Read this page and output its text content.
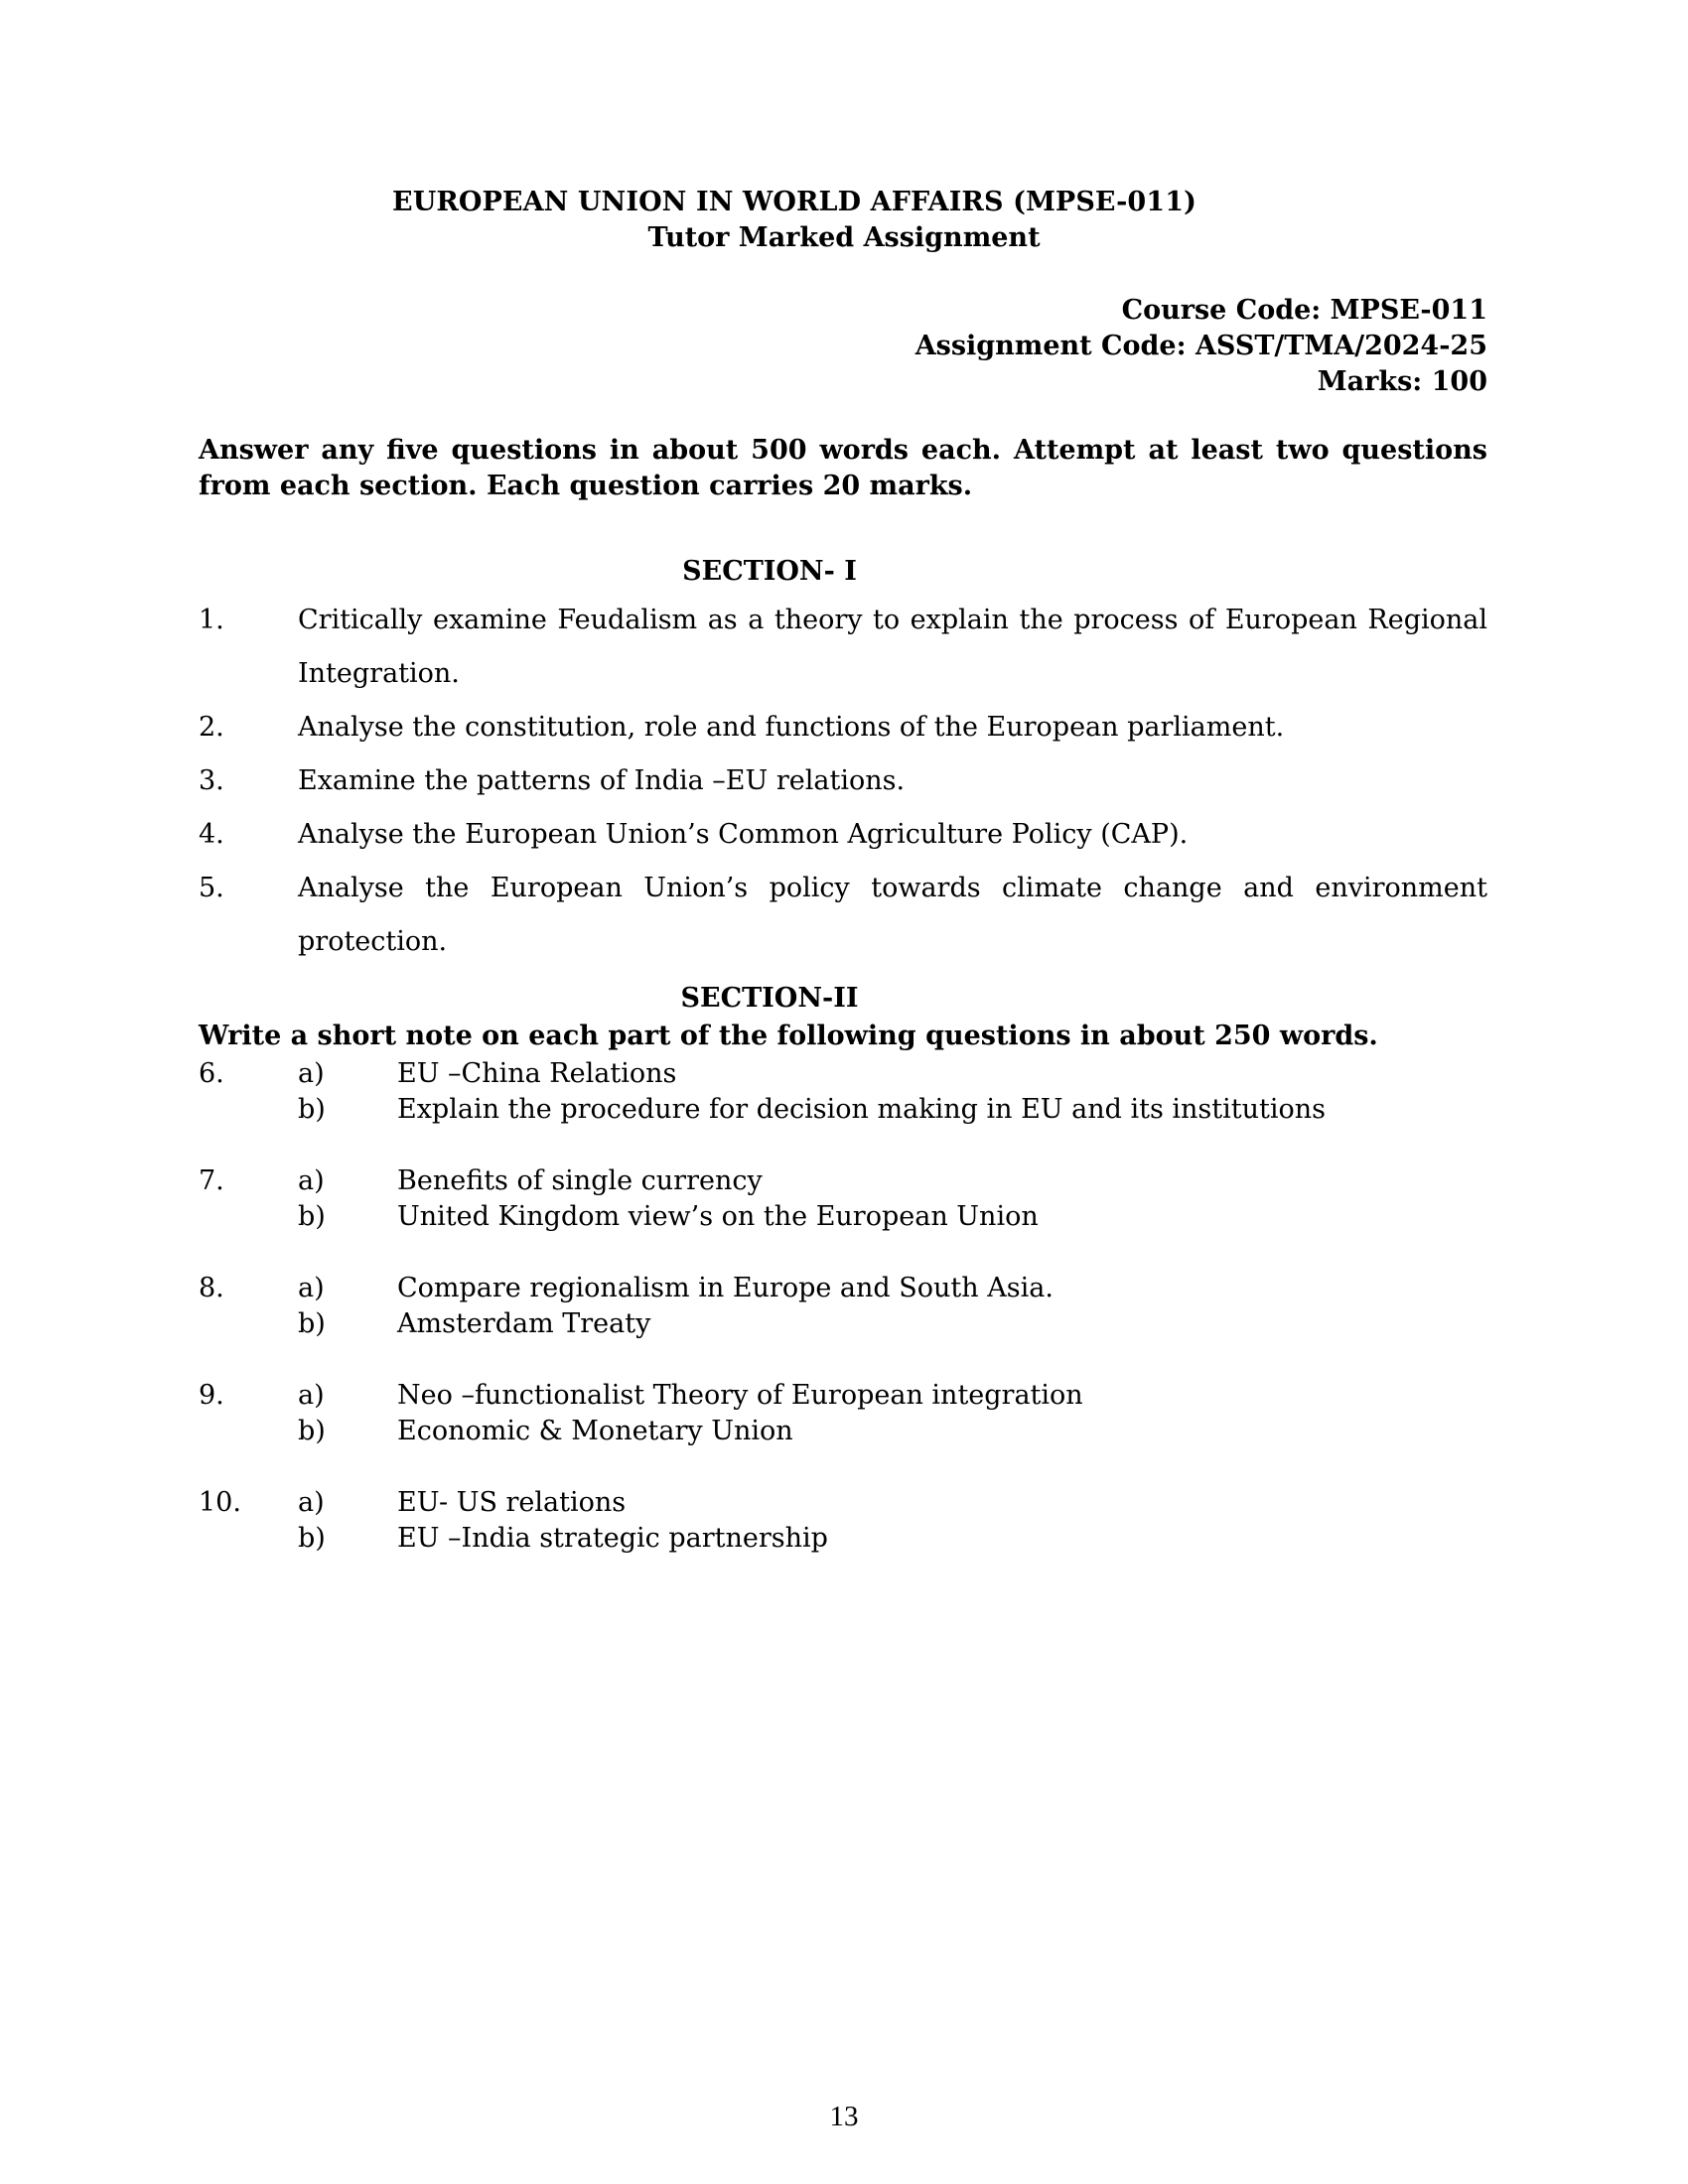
EUROPEAN UNION IN WORLD AFFAIRS (MPSE-011)
Tutor Marked Assignment
Course Code: MPSE-011
Assignment Code: ASST/TMA/2024-25
Marks: 100
Answer any five questions in about 500 words each. Attempt at least two questions from each section. Each question carries 20 marks.
SECTION- I
1.	Critically examine Feudalism as a theory to explain the process of European Regional Integration.
2.	Analyse the constitution, role and functions of the European parliament.
3.	Examine the patterns of India –EU relations.
4.	Analyse the European Union’s Common Agriculture Policy (CAP).
5.	Analyse the European Union’s policy towards climate change and environment protection.
SECTION-II
Write a short note on each part of the following questions in about 250 words.
6.	a)	EU –China Relations
b)	Explain the procedure for decision making in EU and its institutions
7.	a)	Benefits of single currency
b)	United Kingdom view’s on the European Union
8.	a)	Compare regionalism in Europe and South Asia.
b)	Amsterdam Treaty
9.	a)	Neo –functionalist Theory of European integration
b)	Economic & Monetary Union
10.	a)	EU- US relations
b)	EU –India strategic partnership
13
